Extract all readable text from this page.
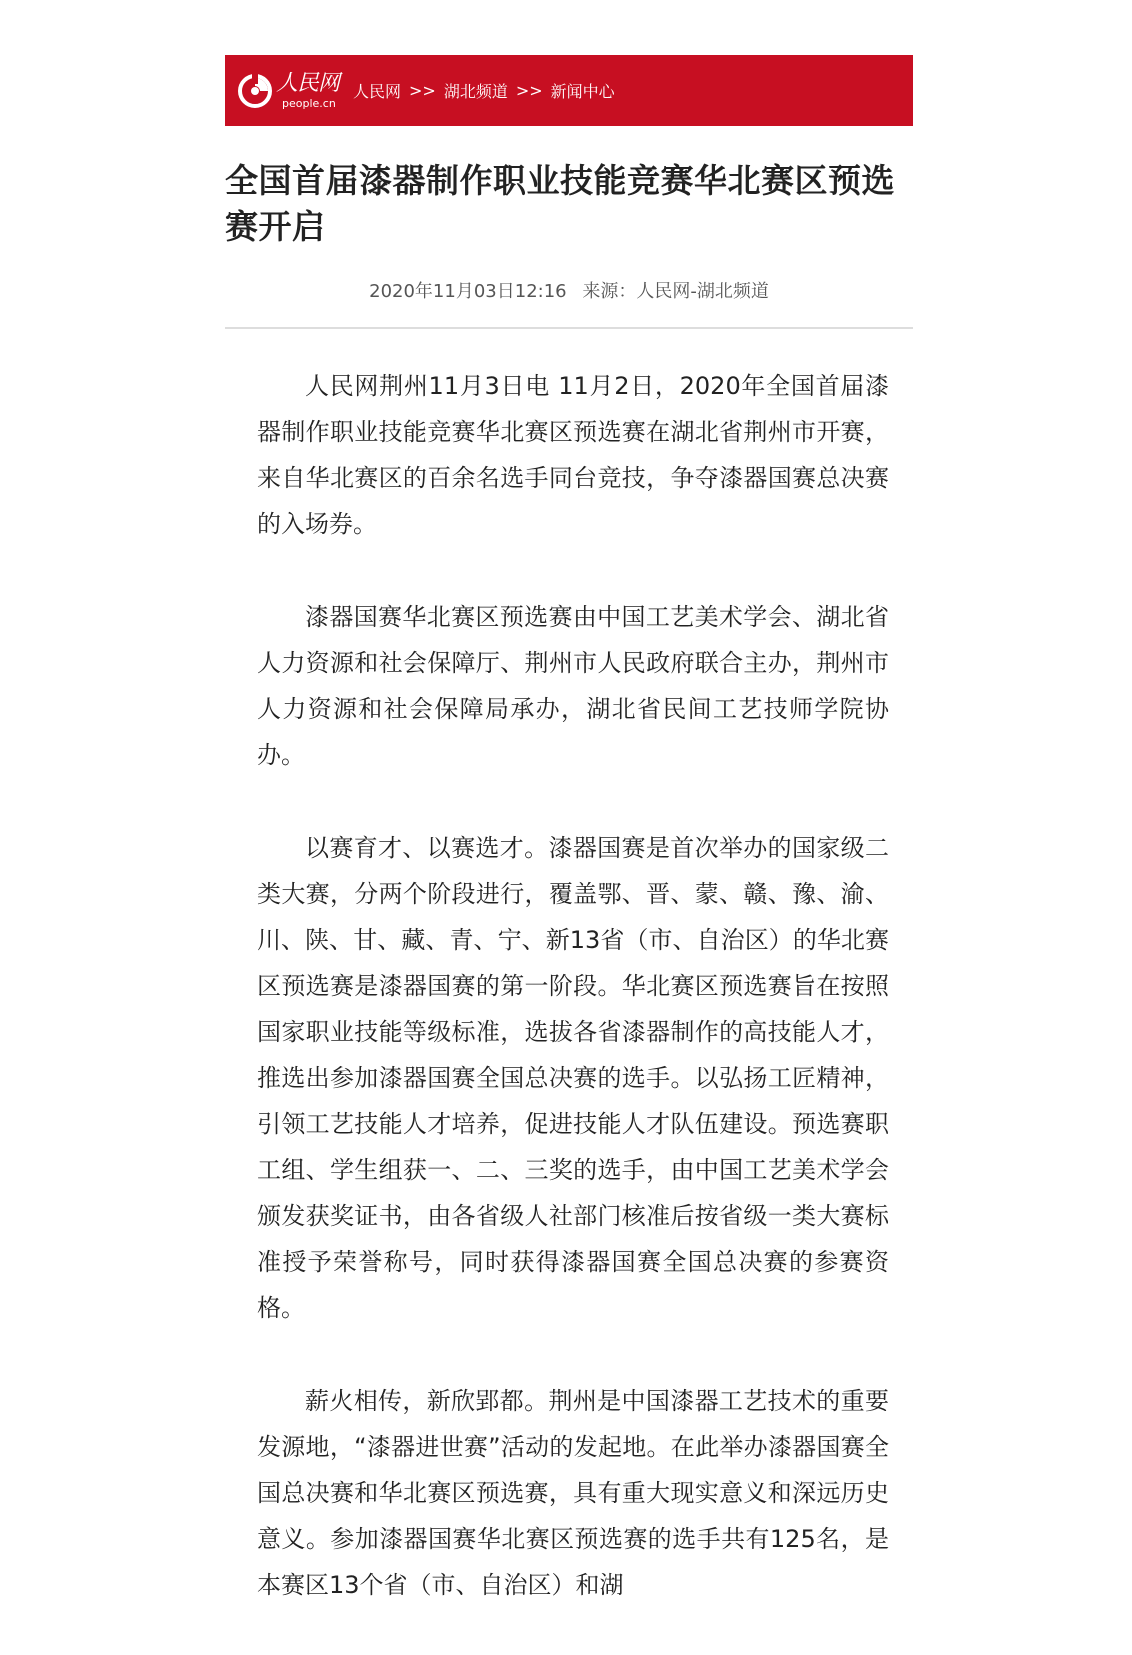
人民网
people.cn
人民网 >> 湖北频道 >> 新闻中心
全国首届漆器制作职业技能竞赛华北赛区预选赛开启
2020年11月03日12:16 来源：人民网-湖北频道

人民网荆州11月3日电 11月2日，2020年全国首届漆器制作职业技能竞赛华北赛区预选赛在湖北省荆州市开赛，来自华北赛区的百余名选手同台竞技，争夺漆器国赛总决赛的入场券。

漆器国赛华北赛区预选赛由中国工艺美术学会、湖北省人力资源和社会保障厅、荆州市人民政府联合主办，荆州市人力资源和社会保障局承办，湖北省民间工艺技师学院协办。

以赛育才、以赛选才。漆器国赛是首次举办的国家级二类大赛，分两个阶段进行，覆盖鄂、晋、蒙、赣、豫、渝、川、陕、甘、藏、青、宁、新13省（市、自治区）的华北赛区预选赛是漆器国赛的第一阶段。华北赛区预选赛旨在按照国家职业技能等级标准，选拔各省漆器制作的高技能人才，推选出参加漆器国赛全国总决赛的选手。以弘扬工匠精神，引领工艺技能人才培养，促进技能人才队伍建设。预选赛职工组、学生组获一、二、三奖的选手，由中国工艺美术学会颁发获奖证书，由各省级人社部门核准后按省级一类大赛标准授予荣誉称号，同时获得漆器国赛全国总决赛的参赛资格。

薪火相传，新欣郢都。荆州是中国漆器工艺技术的重要发源地，“漆器进世赛”活动的发起地。在此举办漆器国赛全国总决赛和华北赛区预选赛，具有重大现实意义和深远历史意义。参加漆器国赛华北赛区预选赛的选手共有125名，是本赛区13个省（市、自治区）和湖
